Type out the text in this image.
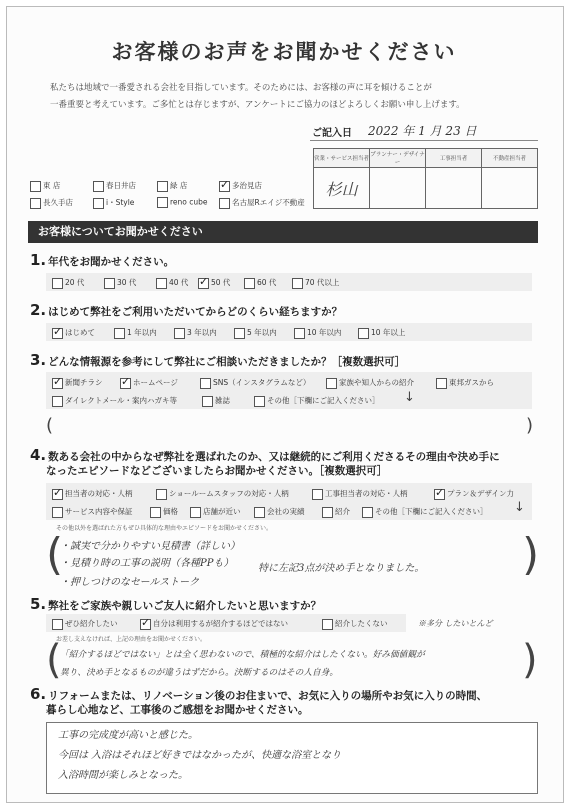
お客様のお声をお聞かせください
私たちは地域で一番愛される会社を目指しています。そのためには、お客様の声に耳を傾けることが
一番重要と考えています。ご多忙とは存じますが、アンケートにご協力のほどよろしくお願い申し上げます。
ご記入日 2022 年 1 月 23 日
営業・サービス担当者	プランナー・デザイナー	工事担当者	不動産担当者
杉山			
東 店	春日井店	緑 店 ✓	多治見店
長久手店	i・Style	reno cube	名古屋Rエイジ不動産
お客様についてお聞かせください
1. 年代をお聞かせください。
20 代	30 代	40 代 ✓	50 代	60 代	70 代以上
2. はじめて弊社をご利用いただいてからどのくらい経ちますか？
✓はじめて	1 年以内	3 年以内	5 年以内	10 年以内	10 年以上
3. どんな情報源を参考にして弊社にご相談いただきましたか？［複数選択可］
✓新聞チラシ ✓	ホームページ	SNS（インスタグラムなど）	家族や知人からの紹介	東邦ガスから
ダイレクトメール・案内ハガキ等	雑誌	その他［下欄にご記入ください］ ↓
(	)
4. 数ある会社の中からなぜ弊社を選ばれたのか、又は継続的にご利用くださるその理由や決め手に
なったエピソードなどございましたらお聞かせください。［複数選択可］
✓担当者の対応・人柄	ショールームスタッフの対応・人柄	工事担当者の対応・人柄 ✓	プラン＆デザイン力
サービス内容や保証	価格	店舗が近い	会社の実績	紹介	その他［下欄にご記入ください］ ↓
その他以外を選ばれた方もぜひ具体的な理由やエピソードをお聞かせください。
(	)
・誠実で分かりやすい見積書（詳しい）
・見積り時の工事の説明（各種PPも）
・押しつけのなセールストーク
特に左記3点が決め手となりました。
5. 弊社をご家族や親しいご友人に紹介したいと思いますか？
ぜひ紹介したい ✓	自分は利用するが紹介するほどではない	紹介したくない	※多分 したいとんど
お差し支えなければ、上記の理由をお聞かせください。
(	)
「紹介するほどではない」とは全く思わないので、積極的な紹介はしたくない。好み価値観が
異り、決め手となるものが違うはずだから。決断するのはその人自身。
6. リフォームまたは、リノベーション後のお住まいで、お気に入りの場所やお気に入りの時間、
暮らし心地など、工事後のご感想をお聞かせください。
工事の完成度が高いと感じた。
今回は 入浴はそれほど好きではなかったが、快適な浴室となり
入浴時間が楽しみとなった。
